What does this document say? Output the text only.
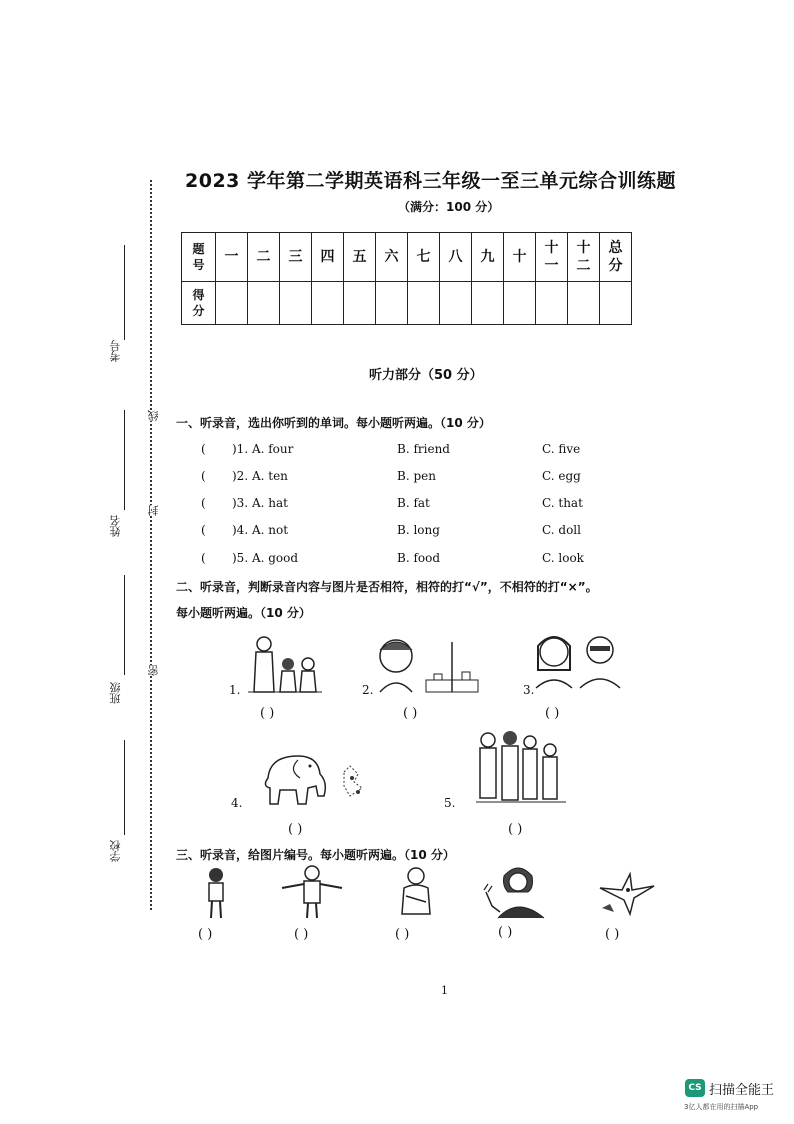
考号
姓名
班级
学校
线
封
密
2023 学年第二学期英语科三年级一至三单元综合训练题
（满分：100 分）
题号	一	二	三	四	五	六	七	八	九	十	十一	十二	总分
得分													
听力部分（50 分）
一、听录音，选出你听到的单词。每小题听两遍。（10 分）
( )1. A. four	B. friend	C. five
( )2. A. ten	B. pen	C. egg
( )3. A. hat	B. fat	C. that
( )4. A. not	B. long	C. doll
( )5. A. good	B. food	C. look
二、听录音，判断录音内容与图片是否相符，相符的打“√”，不相符的打“×”。
每小题听两遍。（10 分）
1.
( )
2.
( )
3.
( )
4.
( )
5.
( )
三、听录音，给图片编号。每小题听两遍。（10 分）
( )	( )	( )	( )	( )
1
CS 扫描全能王
3亿人都在用的扫描App
